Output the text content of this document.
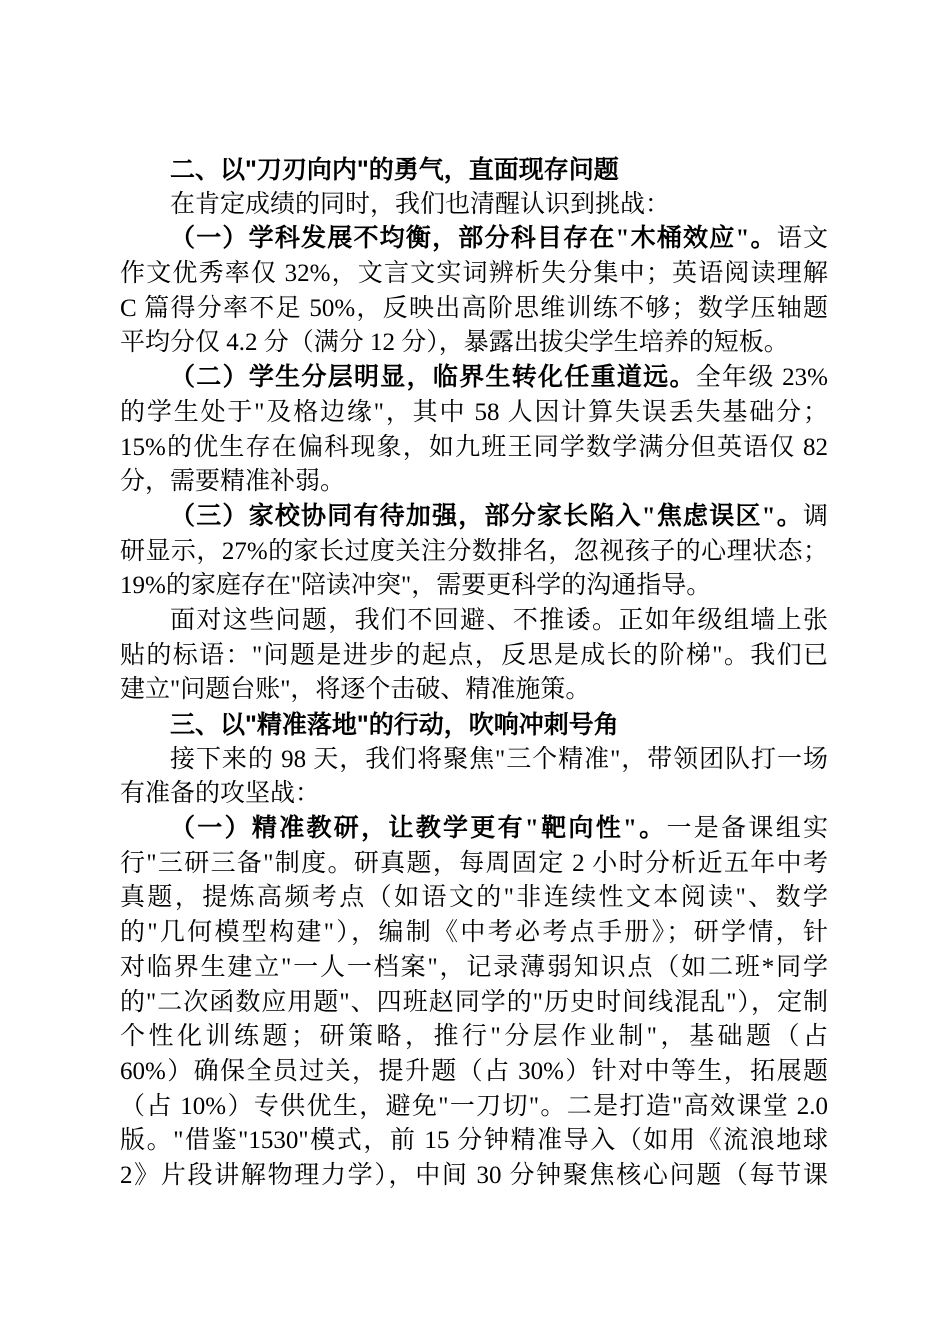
二、以"刀刃向内"的勇气，直面现存问题
在肯定成绩的同时，我们也清醒认识到挑战：
（一）学科发展不均衡，部分科目存在"木桶效应"。语文
作文优秀率仅 32%，文言文实词辨析失分集中；英语阅读理解
C 篇得分率不足 50%，反映出高阶思维训练不够；数学压轴题
平均分仅 4.2 分（满分 12 分），暴露出拔尖学生培养的短板。
（二）学生分层明显，临界生转化任重道远。全年级 23%
的学生处于"及格边缘"，其中 58 人因计算失误丢失基础分；
15%的优生存在偏科现象，如九班王同学数学满分但英语仅 82
分，需要精准补弱。
（三）家校协同有待加强，部分家长陷入"焦虑误区"。调
研显示，27%的家长过度关注分数排名，忽视孩子的心理状态；
19%的家庭存在"陪读冲突"，需要更科学的沟通指导。
面对这些问题，我们不回避、不推诿。正如年级组墙上张
贴的标语："问题是进步的起点，反思是成长的阶梯"。我们已
建立"问题台账"，将逐个击破、精准施策。
三、以"精准落地"的行动，吹响冲刺号角
接下来的 98 天，我们将聚焦"三个精准"，带领团队打一场
有准备的攻坚战：
（一）精准教研，让教学更有"靶向性"。一是备课组实
行"三研三备"制度。研真题，每周固定 2 小时分析近五年中考
真题，提炼高频考点（如语文的"非连续性文本阅读"、数学
的"几何模型构建"），编制《中考必考点手册》；研学情，针
对临界生建立"一人一档案"，记录薄弱知识点（如二班*同学
的"二次函数应用题"、四班赵同学的"历史时间线混乱"），定制
个性化训练题；研策略，推行"分层作业制"，基础题（占
60%）确保全员过关，提升题（占 30%）针对中等生，拓展题
（占 10%）专供优生，避免"一刀切"。二是打造"高效课堂 2.0
版。"借鉴"1530"模式，前 15 分钟精准导入（如用《流浪地球
2》片段讲解物理力学），中间 30 分钟聚焦核心问题（每节课
